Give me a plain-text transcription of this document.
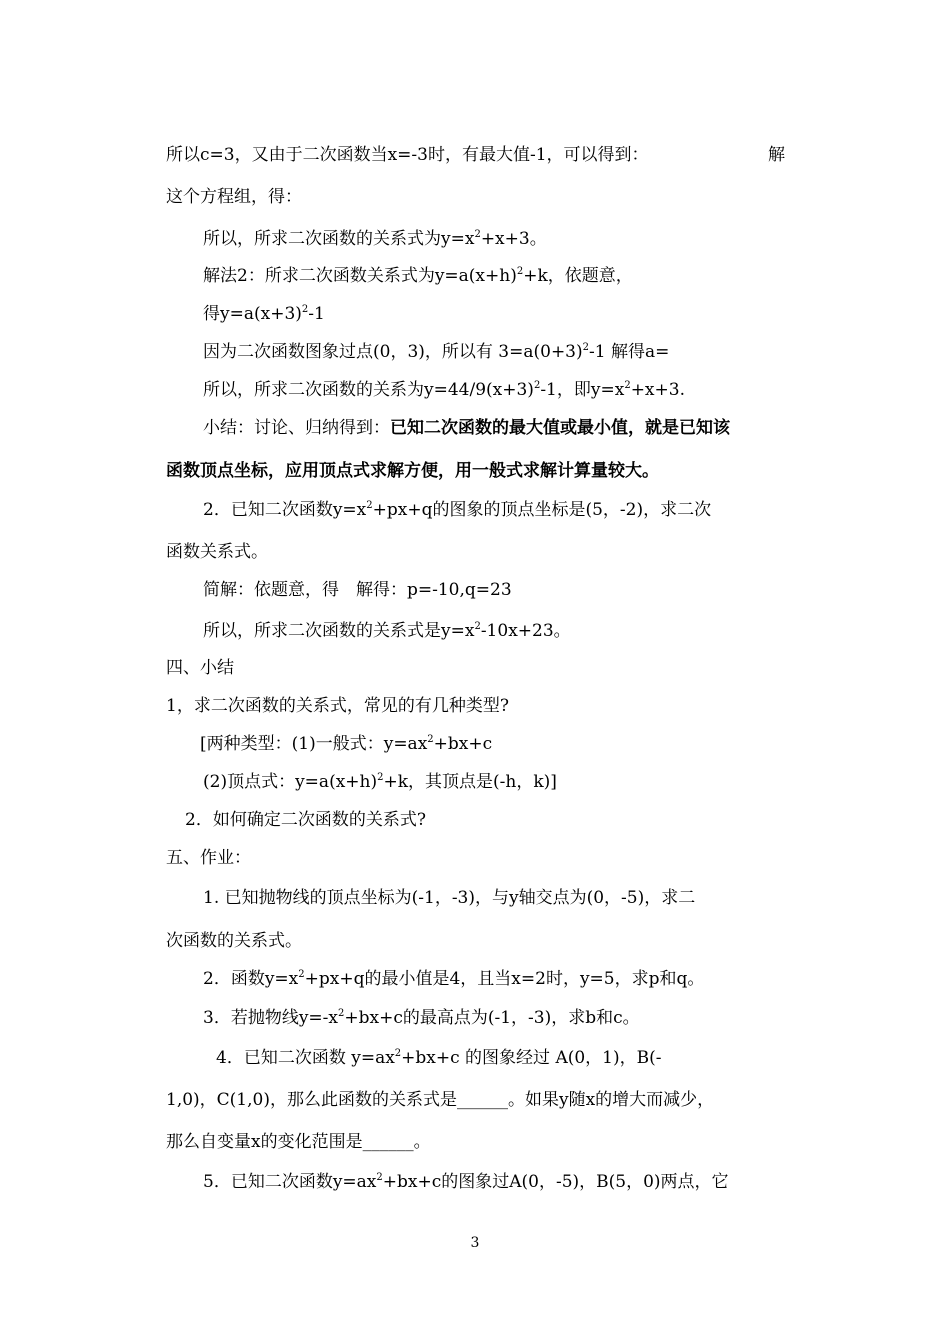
所以c=3，又由于二次函数当x=-3时，有最大值-1，可以得到：	解
这个方程组，得：
所以，所求二次函数的关系式为$y=x^2+x+3$。
解法2：所求二次函数关系式为$y=a(x+h)^2+k$，依题意，
得$y=a(x+3)^2-1$
因为二次函数图象过点(0，3)，所以有 $3=a(0+3)^2-1$ 解得a=
所以，所求二次函数的关系为$y=44/9(x+3)^2-1$，即$y=x^2+x+3$.
小结：讨论、归纳得到：已知二次函数的最大值或最小值，就是已知该
函数顶点坐标，应用顶点式求解方便，用一般式求解计算量较大。
2．已知二次函数$y=x^2+px+q$的图象的顶点坐标是(5，-2)，求二次
函数关系式。
简解：依题意，得　解得：p=-10,q=23
所以，所求二次函数的关系式是$y=x^2-10x+23$。
四、小结
1，求二次函数的关系式，常见的有几种类型?
[两种类型：(1)一般式：$y=ax^2+bx+c$
(2)顶点式：$y=a(x+h)^2+k$，其顶点是(-h，k)]
2．如何确定二次函数的关系式?
五、作业：
1. 已知抛物线的顶点坐标为(-1，-3)，与y轴交点为(0，-5)，求二
次函数的关系式。
2．函数$y=x^2+px+q$的最小值是4，且当x=2时，y=5，求p和q。
3．若抛物线$y=-x^2+bx+c$的最高点为(-1，-3)，求b和c。
4．已知二次函数 $y=ax^2+bx+c$ 的图象经过 A(0，1)，B(-
1,0)，C(1,0)，那么此函数的关系式是______。如果y随x的增大而减少，
那么自变量x的变化范围是______。
5．已知二次函数$y=ax^2+bx+c$的图象过A(0，-5)，B(5，0)两点，它
3
